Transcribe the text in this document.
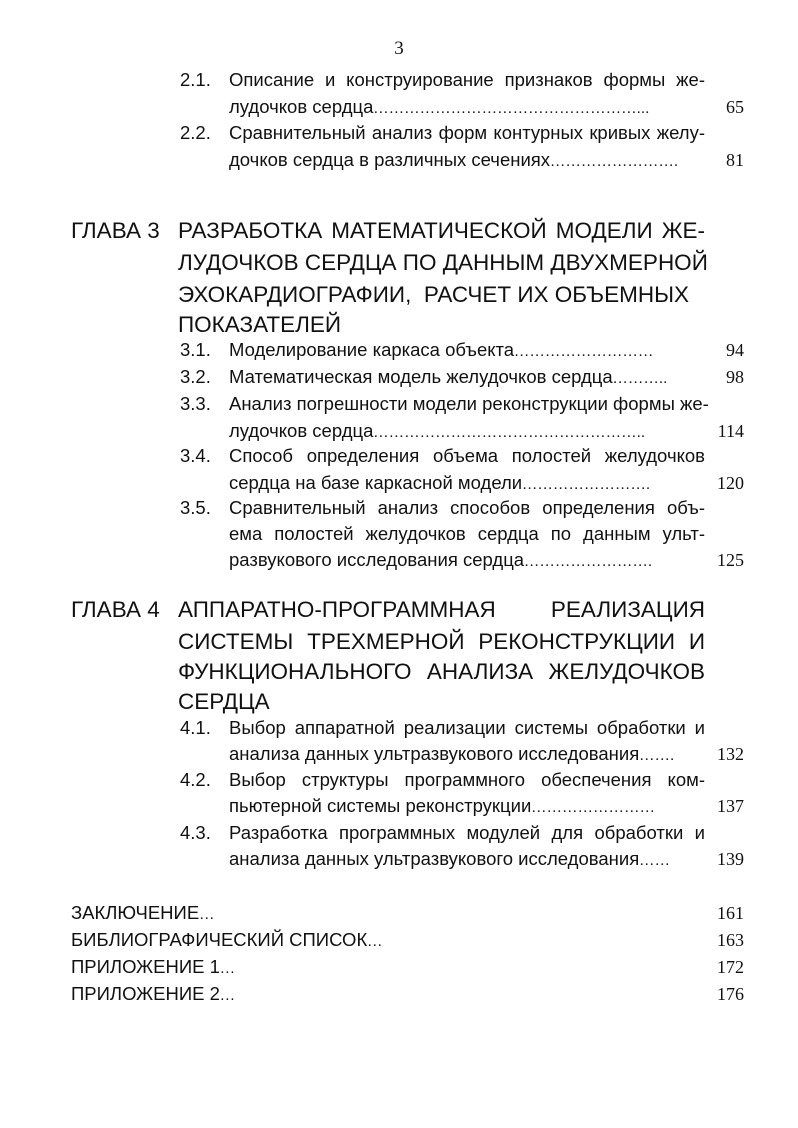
3
2.1. Описание и конструирование признаков формы же-
лудочков сердца……………………………………………...	65
2.2. Сравнительный анализ форм контурных кривых желу-
дочков сердца в различных сечениях…………………….	81
ГЛАВА 3 РАЗРАБОТКА МАТЕМАТИЧЕСКОЙ МОДЕЛИ ЖЕ-
ЛУДОЧКОВ СЕРДЦА ПО ДАННЫМ ДВУХМЕРНОЙ
ЭХОКАРДИОГРАФИИ,  РАСЧЕТ ИХ ОБЪЕМНЫХ
ПОКАЗАТЕЛЕЙ
3.1. Моделирование каркаса объекта………………………	94
3.2. Математическая модель желудочков сердца………..	98
3.3. Анализ погрешности модели реконструкции формы же-
лудочков сердца……………………………………………..	114
3.4. Способ определения объема полостей желудочков
сердца на базе каркасной модели…………………….	120
3.5. Сравнительный анализ способов определения объ-
ема полостей желудочков сердца по данным ульт-
развукового исследования сердца…………………….	125
ГЛАВА 4 АППАРАТНО-ПРОГРАММНАЯ РЕАЛИЗАЦИЯ
СИСТЕМЫ ТРЕХМЕРНОЙ РЕКОНСТРУКЦИИ И
ФУНКЦИОНАЛЬНОГО АНАЛИЗА ЖЕЛУДОЧКОВ
СЕРДЦА
4.1. Выбор аппаратной реализации системы обработки и
анализа данных ультразвукового исследования……. 132
4.2. Выбор структуры программного обеспечения ком-
пьютерной системы реконструкции……………………	137
4.3. Разработка программных модулей для обработки и
анализа данных ультразвукового исследования……	139
ЗАКЛЮЧЕНИЕ…	161
БИБЛИОГРАФИЧЕСКИЙ СПИСОК…	163
ПРИЛОЖЕНИЕ 1…	172
ПРИЛОЖЕНИЕ 2…	176
